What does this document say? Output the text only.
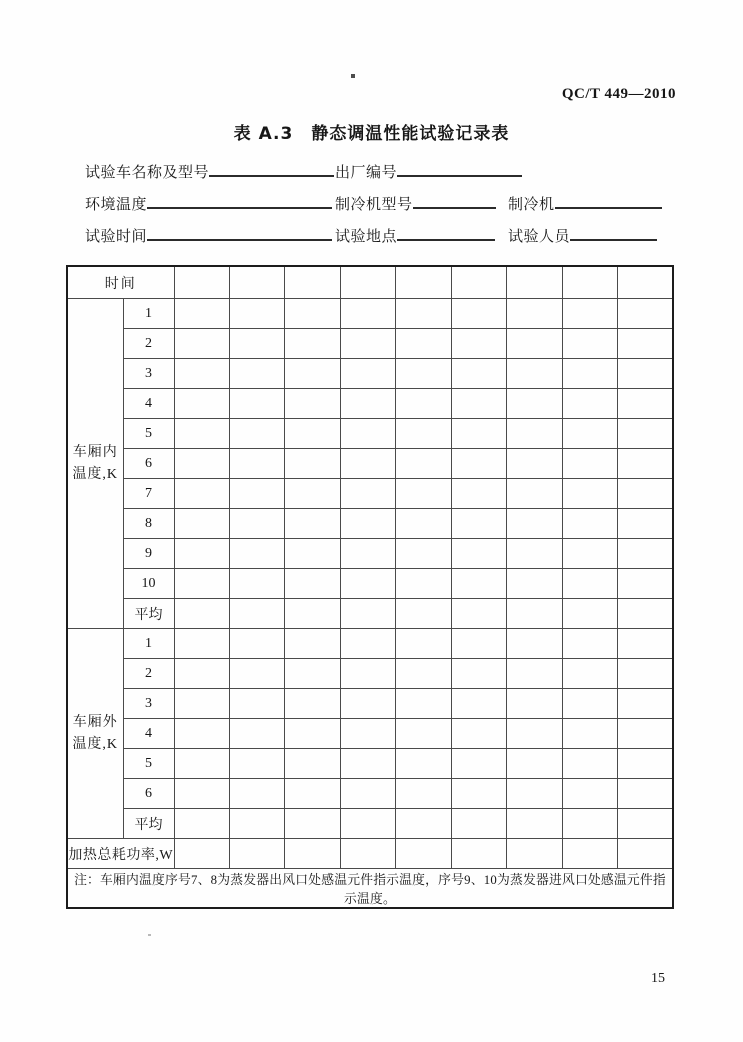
QC/T 449—2010
表 A.3　静态调温性能试验记录表
试验车名称及型号	出厂编号
环境温度	制冷机型号	制冷机
试验时间	试验地点	试验人员
时间										

车厢内
温度,K	1									
	2									
	3									
	4									
	5									
	6									
	7									
	8									
	9									
	10									
	平均									

车厢外
温度,K	1									
	2									
	3									
	4									
	5									
	6									
	平均									
加热总耗功率,W										
注：车厢内温度序号7、8为蒸发器出风口处感温元件指示温度，序号9、10为蒸发器进风口处感温元件指示温度。										
15
